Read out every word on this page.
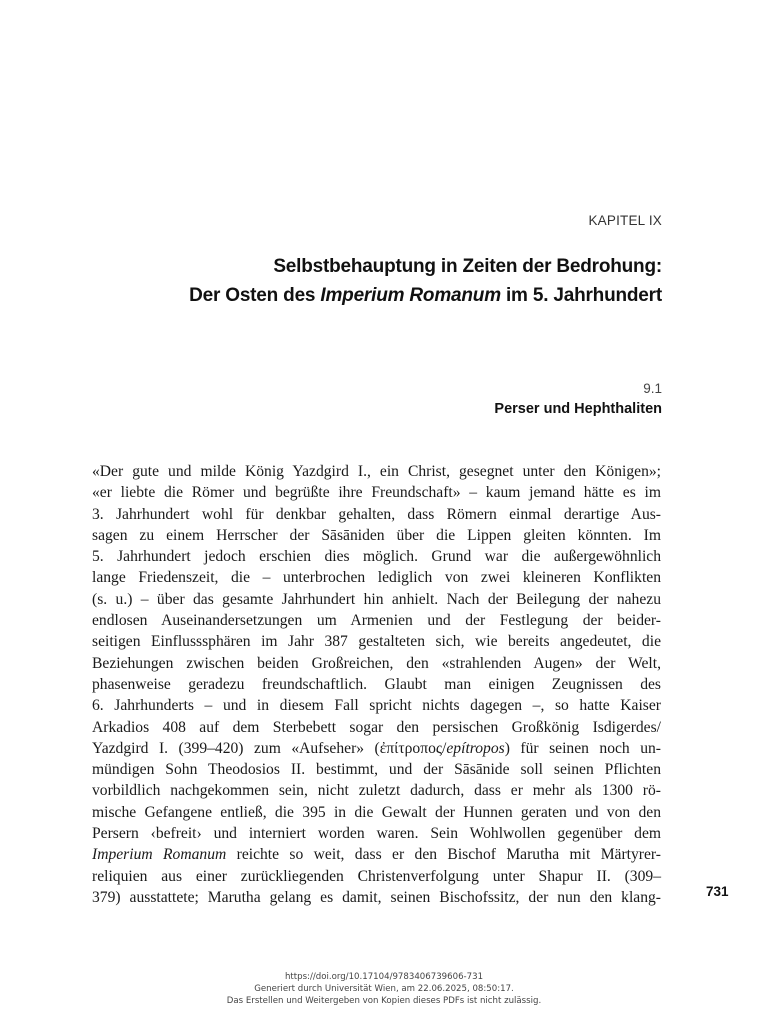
KAPITEL IX
Selbstbehauptung in Zeiten der Bedrohung:
Der Osten des Imperium Romanum im 5. Jahrhundert
9.1
Perser und Hephthaliten
«Der gute und milde König Yazdgird I., ein Christ, gesegnet unter den Königen»;
«er liebte die Römer und begrüßte ihre Freundschaft» – kaum jemand hätte es im
3. Jahrhundert wohl für denkbar gehalten, dass Römern einmal derartige Aus-
sagen zu einem Herrscher der Sāsāniden über die Lippen gleiten könnten. Im
5. Jahrhundert jedoch erschien dies möglich. Grund war die außergewöhnlich
lange Friedenszeit, die – unterbrochen lediglich von zwei kleineren Konflikten
(s. u.) – über das gesamte Jahrhundert hin anhielt. Nach der Beilegung der nahezu
endlosen Auseinandersetzungen um Armenien und der Festlegung der beider-
seitigen Einflusssphären im Jahr 387 gestalteten sich, wie bereits angedeutet, die
Beziehungen zwischen beiden Großreichen, den «strahlenden Augen» der Welt,
phasenweise geradezu freundschaftlich. Glaubt man einigen Zeugnissen des
6. Jahrhunderts – und in diesem Fall spricht nichts dagegen –, so hatte Kaiser
Arkadios 408 auf dem Sterbebett sogar den persischen Großkönig Isdigerdes/
Yazdgird I. (399–420) zum «Aufseher» (ἐπίτροπος/epítropos) für seinen noch un-
mündigen Sohn Theodosios II. bestimmt, und der Sāsānide soll seinen Pflichten
vorbildlich nachgekommen sein, nicht zuletzt dadurch, dass er mehr als 1300 rö-
mische Gefangene entließ, die 395 in die Gewalt der Hunnen geraten und von den
Persern ‹befreit› und interniert worden waren. Sein Wohlwollen gegenüber dem
Imperium Romanum reichte so weit, dass er den Bischof Marutha mit Märtyrer-
reliquien aus einer zurückliegenden Christenverfolgung unter Shapur II. (309–
379) ausstattete; Marutha gelang es damit, seinen Bischofssitz, der nun den klang-	731
https://doi.org/10.17104/9783406739606-731
Generiert durch Universität Wien, am 22.06.2025, 08:50:17.
Das Erstellen und Weitergeben von Kopien dieses PDFs ist nicht zulässig.
